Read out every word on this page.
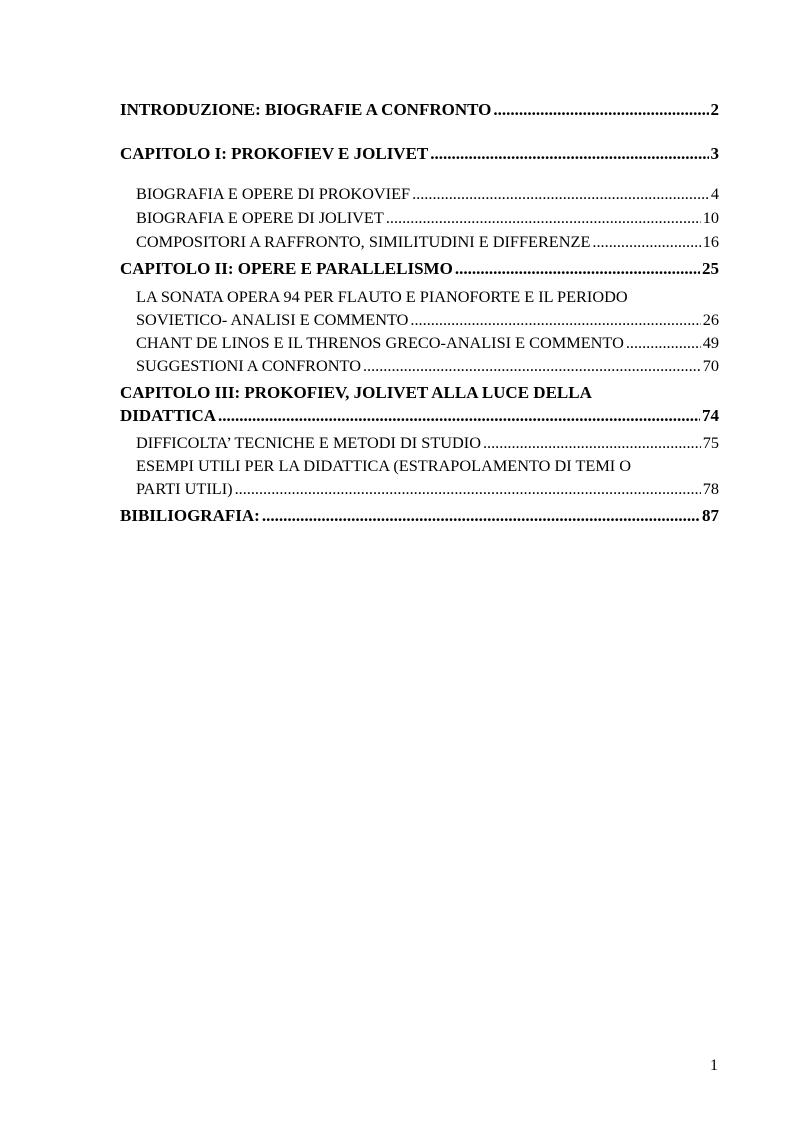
INTRODUZIONE: BIOGRAFIE A CONFRONTO .....	2
CAPITOLO I: PROKOFIEV E JOLIVET .....	3
BIOGRAFIA E OPERE DI PROKOVIEF .....	4
BIOGRAFIA E OPERE DI JOLIVET .....	10
COMPOSITORI A RAFFRONTO, SIMILITUDINI E DIFFERENZE .....	16
CAPITOLO II: OPERE E PARALLELISMO .....	25
LA SONATA OPERA 94 PER FLAUTO E PIANOFORTE E IL PERIODO
SOVIETICO- ANALISI E COMMENTO .....	26
CHANT DE LINOS E IL THRENOS GRECO-ANALISI E COMMENTO .....	49
SUGGESTIONI A CONFRONTO .....	70
CAPITOLO III: PROKOFIEV, JOLIVET ALLA LUCE DELLA
DIDATTICA .....	74
DIFFICOLTA’ TECNICHE E METODI DI STUDIO .....	75
ESEMPI UTILI PER LA DIDATTICA (ESTRAPOLAMENTO DI TEMI O
PARTI UTILI) .....	78
BIBILIOGRAFIA: .....	87
1
